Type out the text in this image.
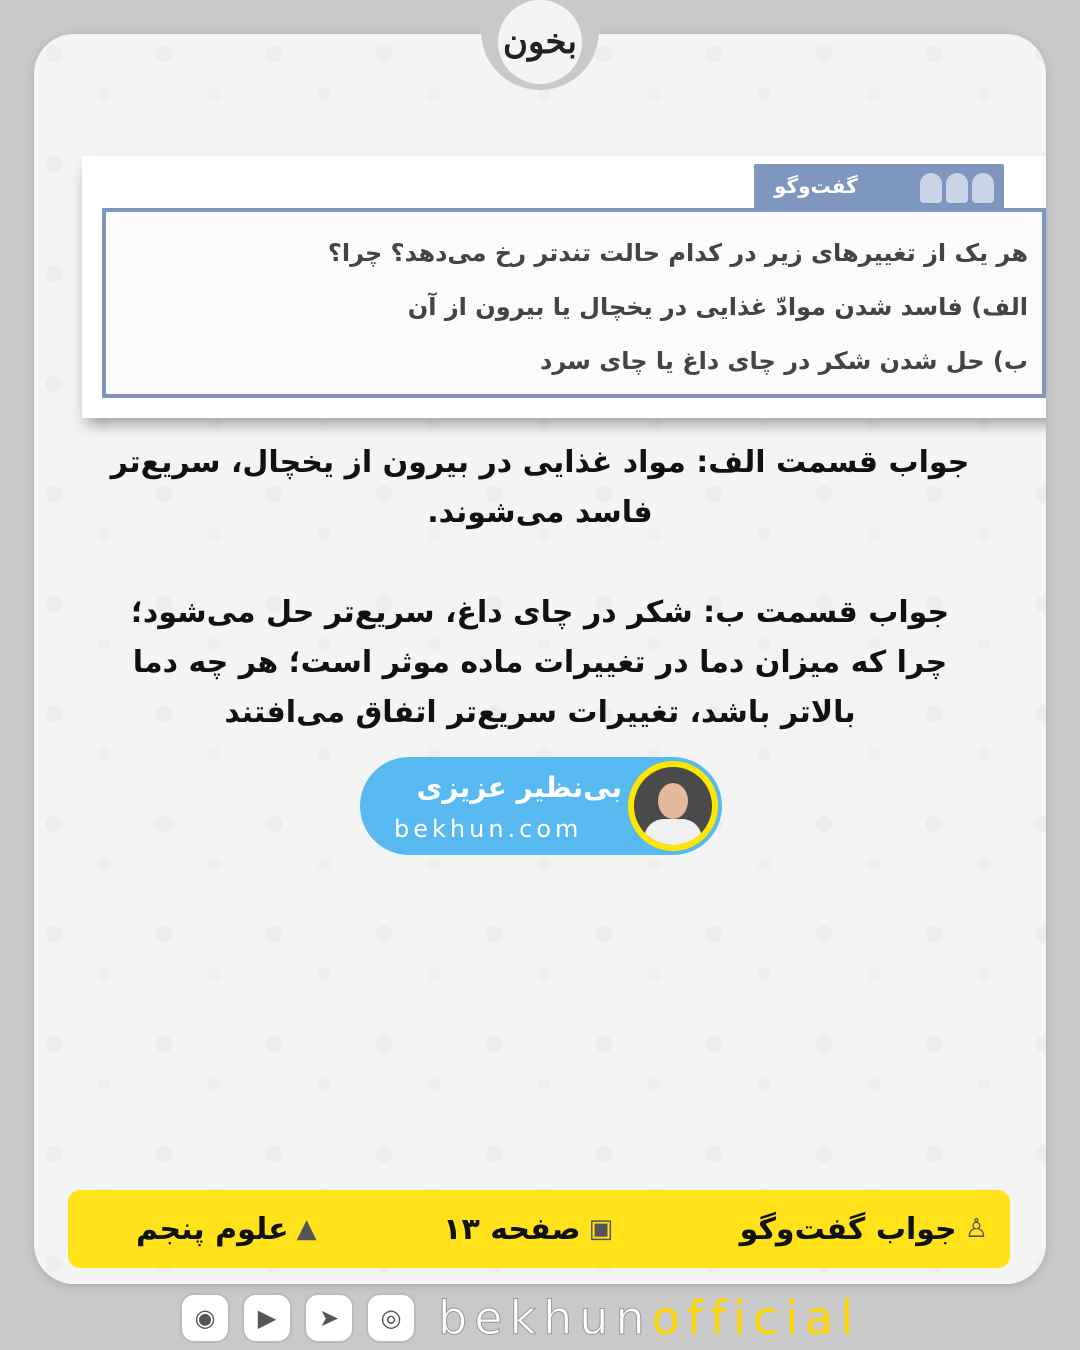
گفت‌وگو

هر یک از تغییرهای زیر در کدام حالت تندتر رخ می‌دهد؟ چرا؟

الف) فاسد شدن موادّ غذایی در یخچال یا بیرون از آن

ب) حل شدن شکر در چای داغ یا چای سرد

جواب قسمت الف: مواد غذایی در بیرون از یخچال، سریع‌تر فاسد می‌شوند.

جواب قسمت ب: شکر در چای داغ، سریع‌تر حل می‌شود؛ چرا که میزان دما در تغییرات ماده موثر است؛ هر چه دما بالاتر باشد، تغییرات سریع‌تر اتفاق می‌افتند

بی‌نظیر عزیزی
bekhun.com
بخون
♙
جواب گفت‌وگو
▣
صفحه ۱۳
▲
علوم پنجم
◉	▶	➤	◎ bekhunofficial
